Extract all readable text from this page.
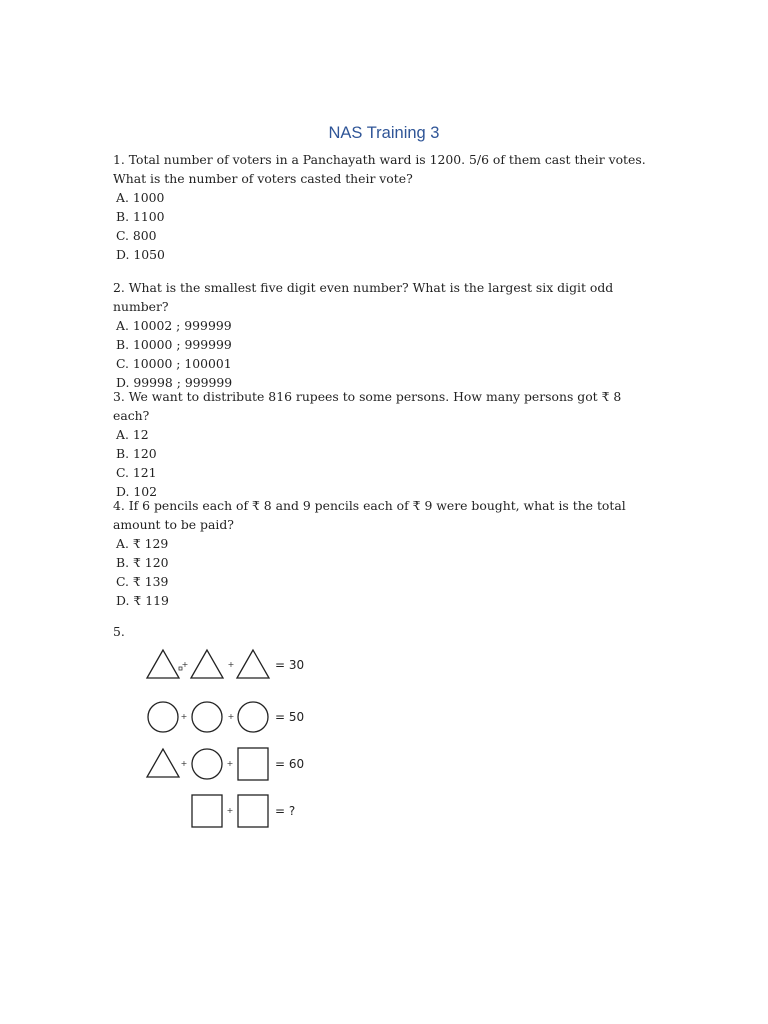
NAS Training 3
1. Total number of voters in a Panchayath ward is 1200. 5/6 of them cast their votes. What is the number of voters casted their vote?
A. 1000
B. 1100
C. 800
D. 1050
2. What is the smallest five digit even number? What is the largest six digit odd number?
A. 10002 ; 999999
B. 10000 ; 999999
C. 10000 ; 100001
D. 99998 ; 999999
3. We want to distribute 816 rupees to some persons. How many persons got ₹ 8 each?
A. 12
B. 120
C. 121
D. 102
4. If 6 pencils each of ₹ 8 and 9 pencils each of ₹ 9 were bought, what is the total amount to be paid?
A. ₹ 129
B. ₹ 120
C. ₹ 139
D. ₹ 119
5.
+	+	= 30
+	+	= 50
+	+	= 60
+	= ?
